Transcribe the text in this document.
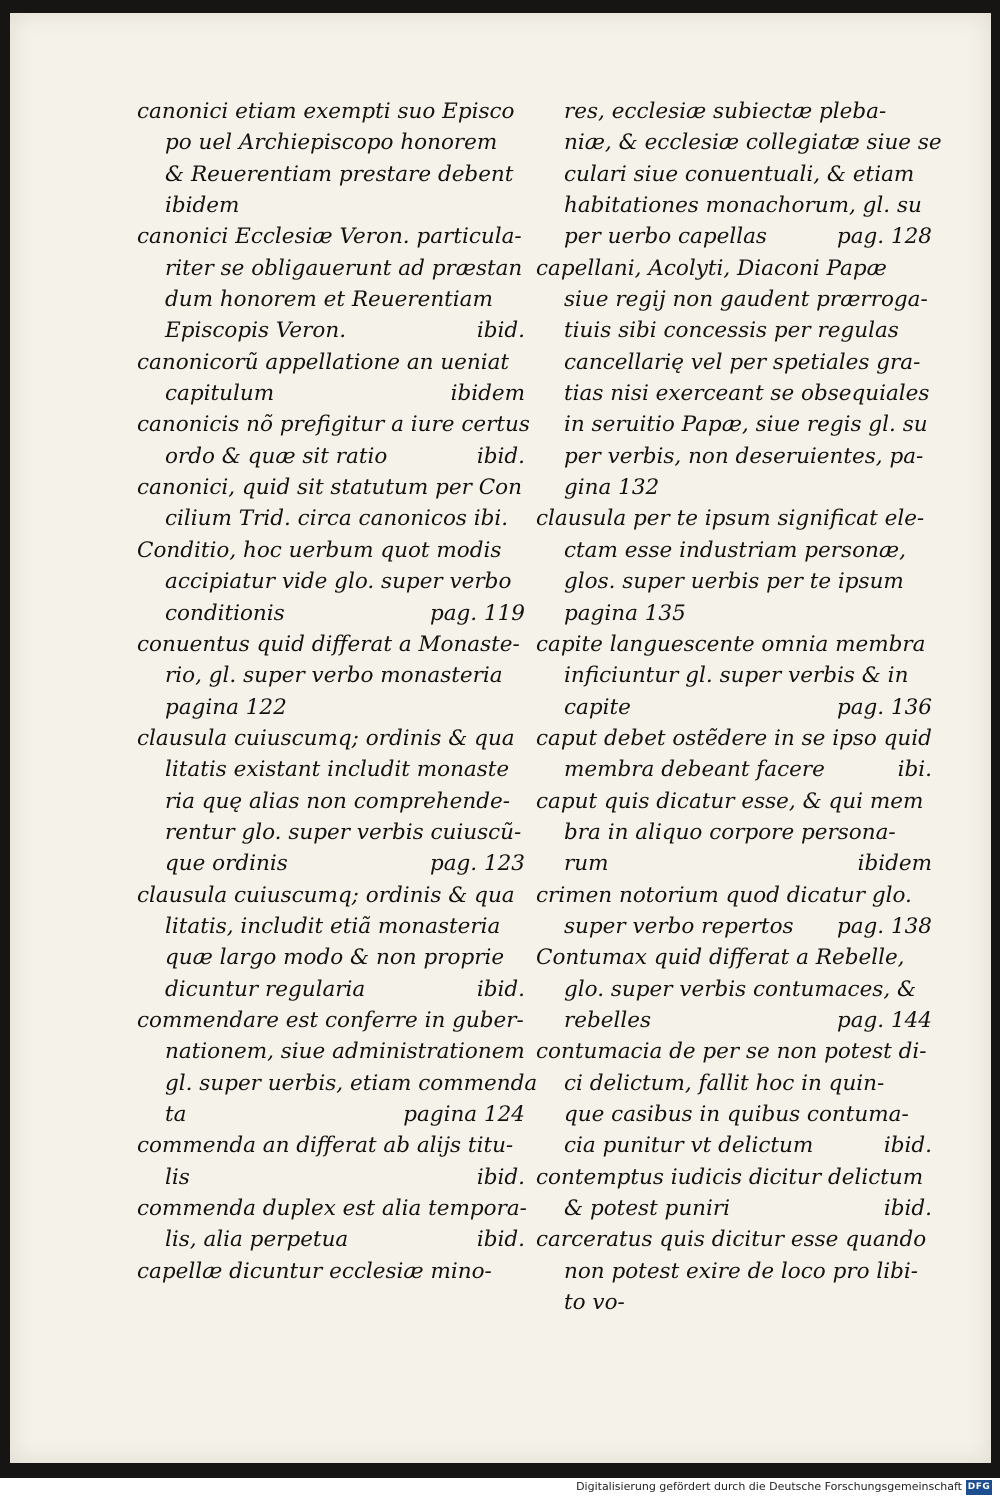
canonici etiam exempti suo Episco
po uel Archiepiscopo honorem
& Reuerentiam prestare debent
ibidem
canonici Ecclesiæ Veron. particula-
riter se obligauerunt ad præstan
dum honorem et Reuerentiam
Episcopis Veron.	ibid.
canonicorũ appellatione an ueniat
capitulum	ibidem
canonicis nõ prefigitur a iure certus
ordo & quæ sit ratio	ibid.
canonici, quid sit statutum per Con
cilium Trid. circa canonicos ibi.
Conditio, hoc uerbum quot modis
accipiatur vide glo. super verbo
conditionis	pag. 119
conuentus quid differat a Monaste-
rio, gl. super verbo monasteria
pagina 122
clausula cuiuscumq; ordinis & qua
litatis existant includit monaste
ria quę alias non comprehende-
rentur glo. super verbis cuiuscũ-
que ordinis	pag. 123
clausula cuiuscumq; ordinis & qua
litatis, includit etiã monasteria
quæ largo modo & non proprie
dicuntur regularia	ibid.
commendare est conferre in guber-
nationem, siue administrationem
gl. super uerbis, etiam commenda
ta	pagina 124
commenda an differat ab alijs titu-
lis	ibid.
commenda duplex est alia tempora-
lis, alia perpetua	ibid.
capellæ dicuntur ecclesiæ mino-
res, ecclesiæ subiectæ pleba-
niæ, & ecclesiæ collegiatæ siue se
culari siue conuentuali, & etiam
habitationes monachorum, gl. su
per uerbo capellas	pag. 128
capellani, Acolyti, Diaconi Papæ
siue regij non gaudent prærroga-
tiuis sibi concessis per regulas
cancellarię vel per spetiales gra-
tias nisi exerceant se obsequiales
in seruitio Papæ, siue regis gl. su
per verbis, non deseruientes, pa-
gina 132
clausula per te ipsum significat ele-
ctam esse industriam personæ,
glos. super uerbis per te ipsum
pagina 135
capite languescente omnia membra
inficiuntur gl. super verbis & in
capite	pag. 136
caput debet ostẽdere in se ipso quid
membra debeant facere	ibi.
caput quis dicatur esse, & qui mem
bra in aliquo corpore persona-
rum	ibidem
crimen notorium quod dicatur glo.
super verbo repertos pag. 138
Contumax quid differat a Rebelle,
glo. super verbis contumaces, &
rebelles	pag. 144
contumacia de per se non potest di-
ci delictum, fallit hoc in quin-
que casibus in quibus contuma-
cia punitur vt delictum	ibid.
contemptus iudicis dicitur delictum
& potest puniri	ibid.
carceratus quis dicitur esse quando
non potest exire de loco pro libi-
to vo-
Digitalisierung gefördert durch die Deutsche Forschungsgemeinschaft DFG
